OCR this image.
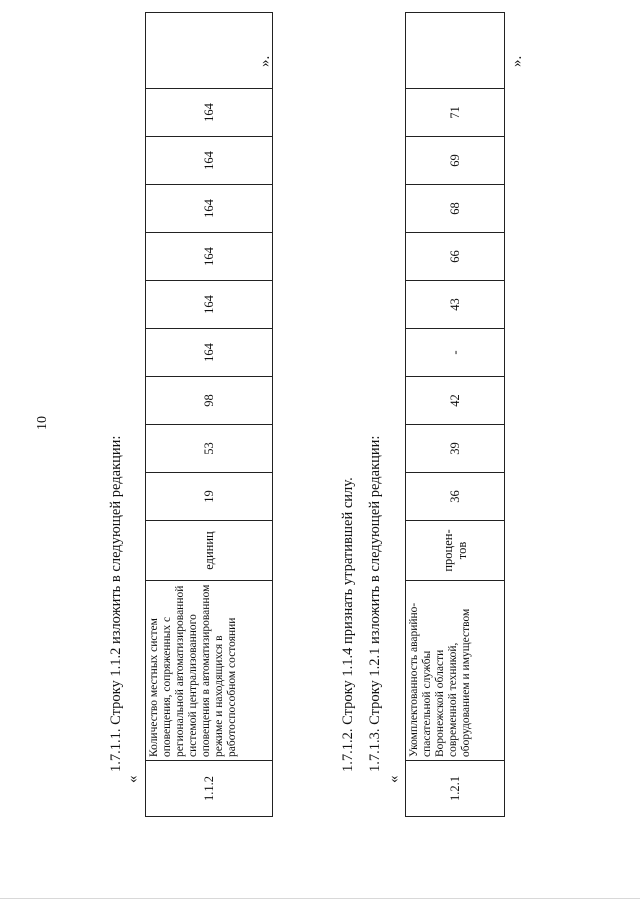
10
1.7.1.1. Строку 1.1.2 изложить в следующей редакции:
«	1.1.2	Количество местных систем оповещения, сопряженных с региональной автоматизированной системой централизованного оповещения в автоматизированном режиме и находящихся в работоспособном состоянии	единиц	19	53	98	164	164	164	164	164	164	
».
1.7.1.2. Строку 1.1.4 признать утратившей силу. 1.7.1.3. Строку 1.2.1 изложить в следующей редакции:
«	1.2.1	Укомплектованность аварийно-спасательной службы Воронежской области современной техникой, оборудованием и имуществом	процен-тов	36	39	42	-	43	66	68	69	71	
».
